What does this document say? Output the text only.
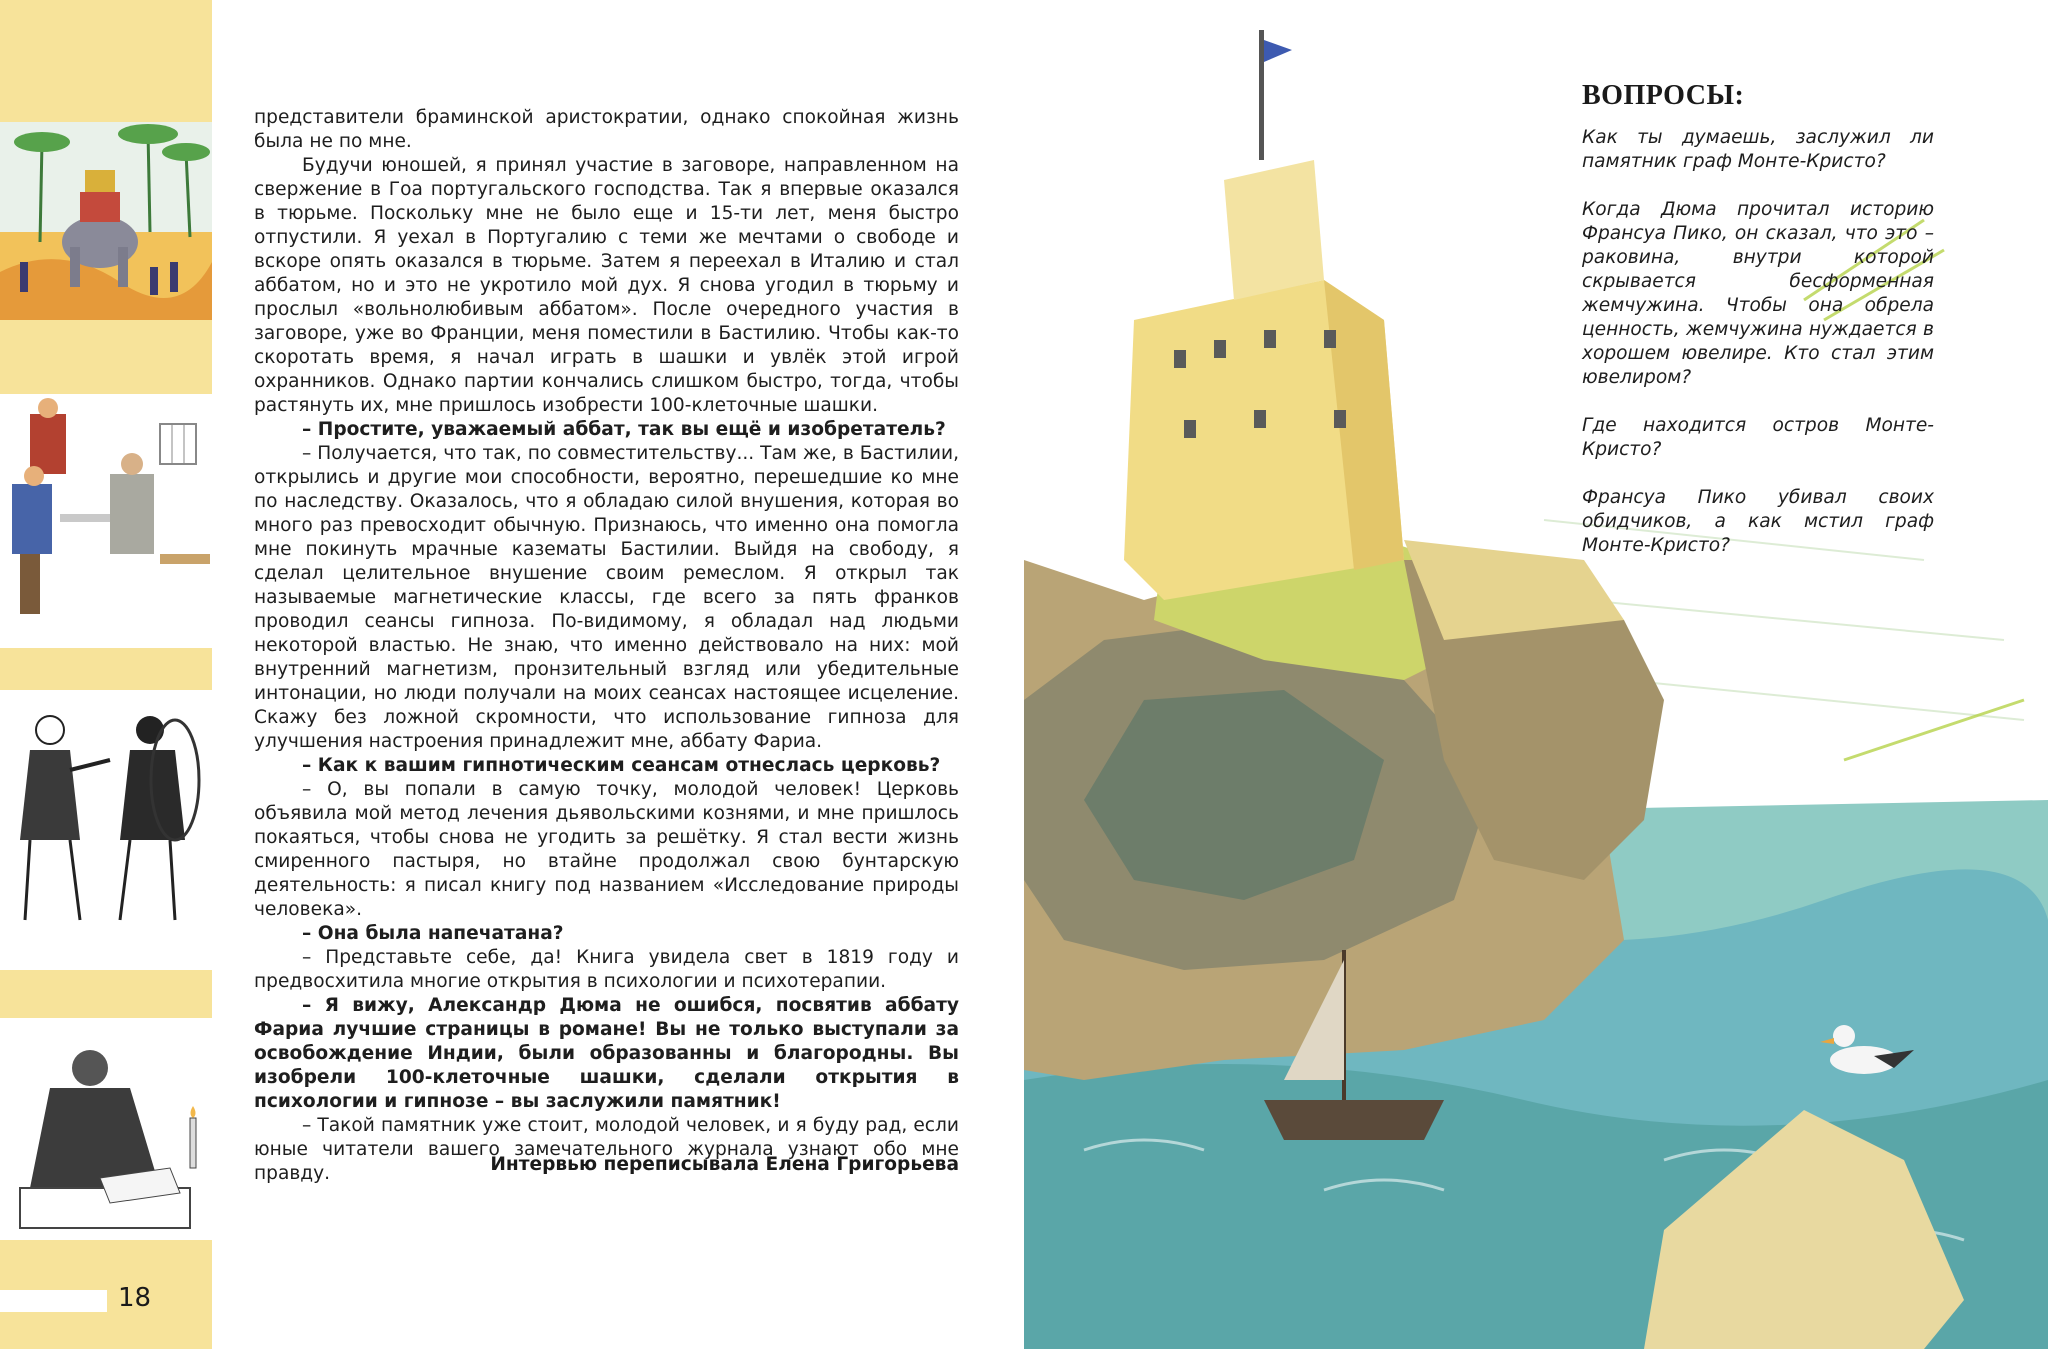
18

представители браминской аристократии, однако спокойная жизнь была не по мне.

Будучи юношей, я принял участие в заговоре, направленном на свержение в Гоа португальского господства. Так я впервые оказался в тюрьме. Поскольку мне не было еще и 15-ти лет, меня быстро отпустили. Я уехал в Португалию с теми же мечтами о свободе и вскоре опять оказался в тюрьме. Затем я переехал в Италию и стал аббатом, но и это не укротило мой дух. Я снова угодил в тюрьму и прослыл «вольнолюбивым аббатом». После очередного участия в заговоре, уже во Франции, меня поместили в Бастилию. Чтобы как-то скоротать время, я начал играть в шашки и увлёк этой игрой охранников. Однако партии кончались слишком быстро, тогда, чтобы растянуть их, мне пришлось изобрести 100-клеточные шашки.

– Простите, уважаемый аббат, так вы ещё и изобретатель?

– Получается, что так, по совместительству... Там же, в Бастилии, открылись и другие мои способности, вероятно, перешедшие ко мне по наследству. Оказалось, что я обладаю силой внушения, которая во много раз превосходит обычную. Признаюсь, что именно она помогла мне покинуть мрачные казематы Бастилии. Выйдя на свободу, я сделал целительное внушение своим ремеслом. Я открыл так называемые магнетические классы, где всего за пять франков проводил сеансы гипноза. По-видимому, я обладал над людьми некоторой властью. Не знаю, что именно действовало на них: мой внутренний магнетизм, пронзительный взгляд или убедительные интонации, но люди получали на моих сеансах настоящее исцеление. Скажу без ложной скромности, что использование гипноза для улучшения настроения принадлежит мне, аббату Фариа.

– Как к вашим гипнотическим сеансам отнеслась церковь?

– О, вы попали в самую точку, молодой человек! Церковь объявила мой метод лечения дьявольскими кознями, и мне пришлось покаяться, чтобы снова не угодить за решётку. Я стал вести жизнь смиренного пастыря, но втайне продолжал свою бунтарскую деятельность: я писал книгу под названием «Исследование природы человека».

– Она была напечатана?

– Представьте себе, да! Книга увидела свет в 1819 году и предвосхитила многие открытия в психологии и психотерапии.

– Я вижу, Александр Дюма не ошибся, посвятив аббату Фариа лучшие страницы в романе! Вы не только выступали за освобождение Индии, были образованны и благородны. Вы изобрели 100-клеточные шашки, сделали открытия в психологии и гипнозе – вы заслужили памятник!

– Такой памятник уже стоит, молодой человек, и я буду рад, если юные читатели вашего замечательного журнала узнают обо мне правду.	Интервью переписывала Елена Григорьева
ВОПРОСЫ:

Как ты думаешь, заслужил ли памятник граф Монте-Кристо?

Когда Дюма прочитал историю Франсуа Пико, он сказал, что это – раковина, внутри которой скрывается бесформенная жемчужина. Чтобы она обрела ценность, жемчужина нуждается в хорошем ювелире. Кто стал этим ювелиром?

Где находится остров Монте-Кристо?

Франсуа Пико убивал своих обидчиков, а как мстил граф Монте-Кристо?
